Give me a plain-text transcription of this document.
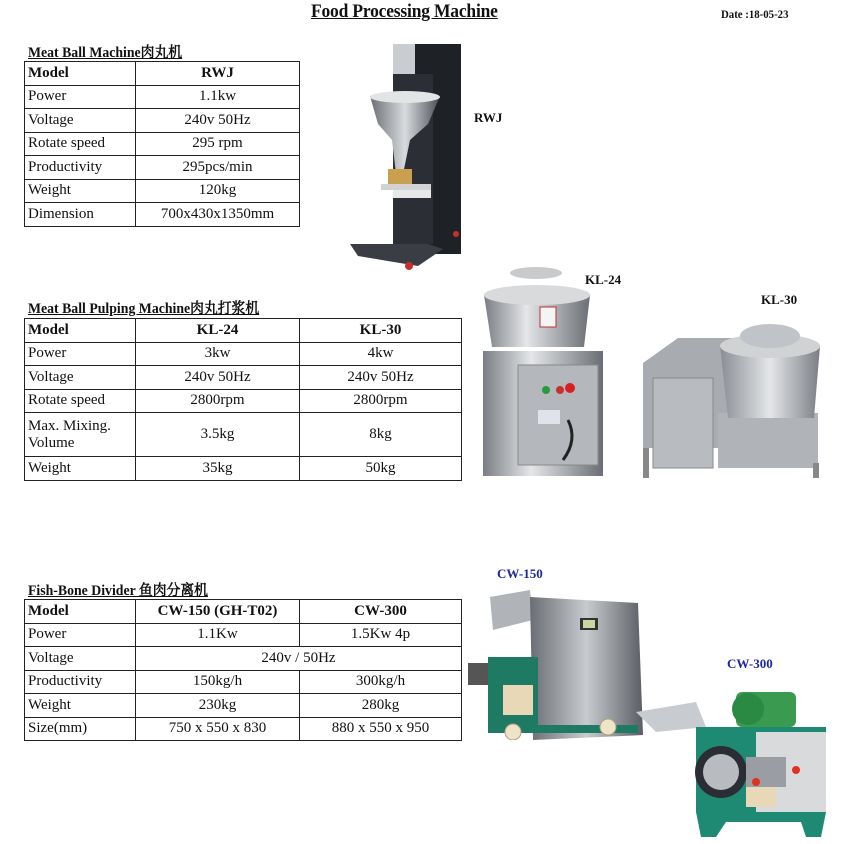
Food Processing Machine	Date :18-05-23
Meat Ball Machine肉丸机
Model	RWJ
Power	1.1kw
Voltage	240v 50Hz
Rotate speed	295 rpm
Productivity	295pcs/min
Weight	120kg
Dimension	700x430x1350mm
RWJ
Meat Ball Pulping Machine肉丸打浆机
Model	KL-24	KL-30
Power	3kw	4kw
Voltage	240v 50Hz	240v 50Hz
Rotate speed	2800rpm	2800rpm
Max. Mixing. Volume	3.5kg	8kg
Weight	35kg	50kg
KL-24
KL-30
Fish-Bone Divider 鱼肉分离机
Model	CW-150 (GH-T02)	CW-300
Power	1.1Kw	1.5Kw 4p
Voltage	240v / 50Hz	
Productivity	150kg/h	300kg/h
Weight	230kg	280kg
Size(mm)	750 x 550 x 830	880 x 550 x 950
CW-150
CW-300
